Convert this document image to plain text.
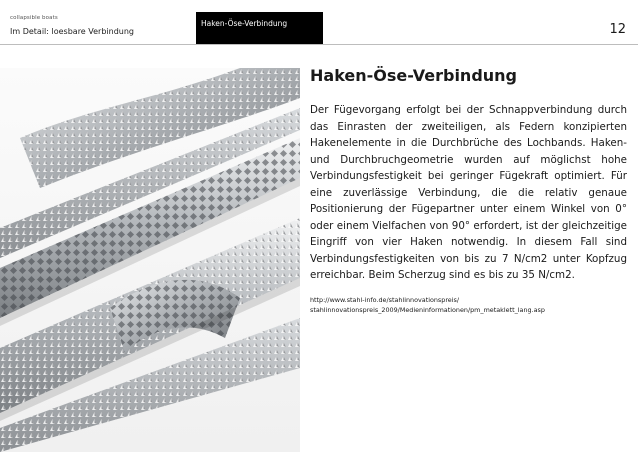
collapsible boats
Im Detail: loesbare Verbindung
Haken-Öse-Verbindung	12
Haken-Öse-Verbindung

Der Fügevorgang erfolgt bei der Schnappverbindung durch das Einrasten der zweiteiligen, als Federn konzipierten Hakenelemente in die Durchbrüche des Lochbands. Haken- und Durchbruchgeometrie wurden auf möglichst hohe Verbindungsfestigkeit bei geringer Fügekraft optimiert. Für eine zuverlässige Verbindung, die die relativ genaue Positionierung der Fügepartner unter einem Winkel von 0° oder einem Vielfachen von 90° erfordert, ist der gleichzeitige Eingriff von vier Haken notwendig. In diesem Fall sind Verbindungsfestigkeiten von bis zu 7 N/cm2 unter Kopfzug erreichbar. Beim Scherzug sind es bis zu 35 N/cm2.

http://www.stahl-info.de/stahlinnovationspreis/
stahlinnovationspreis_2009/Medieninformationen/pm_metaklett_lang.asp
